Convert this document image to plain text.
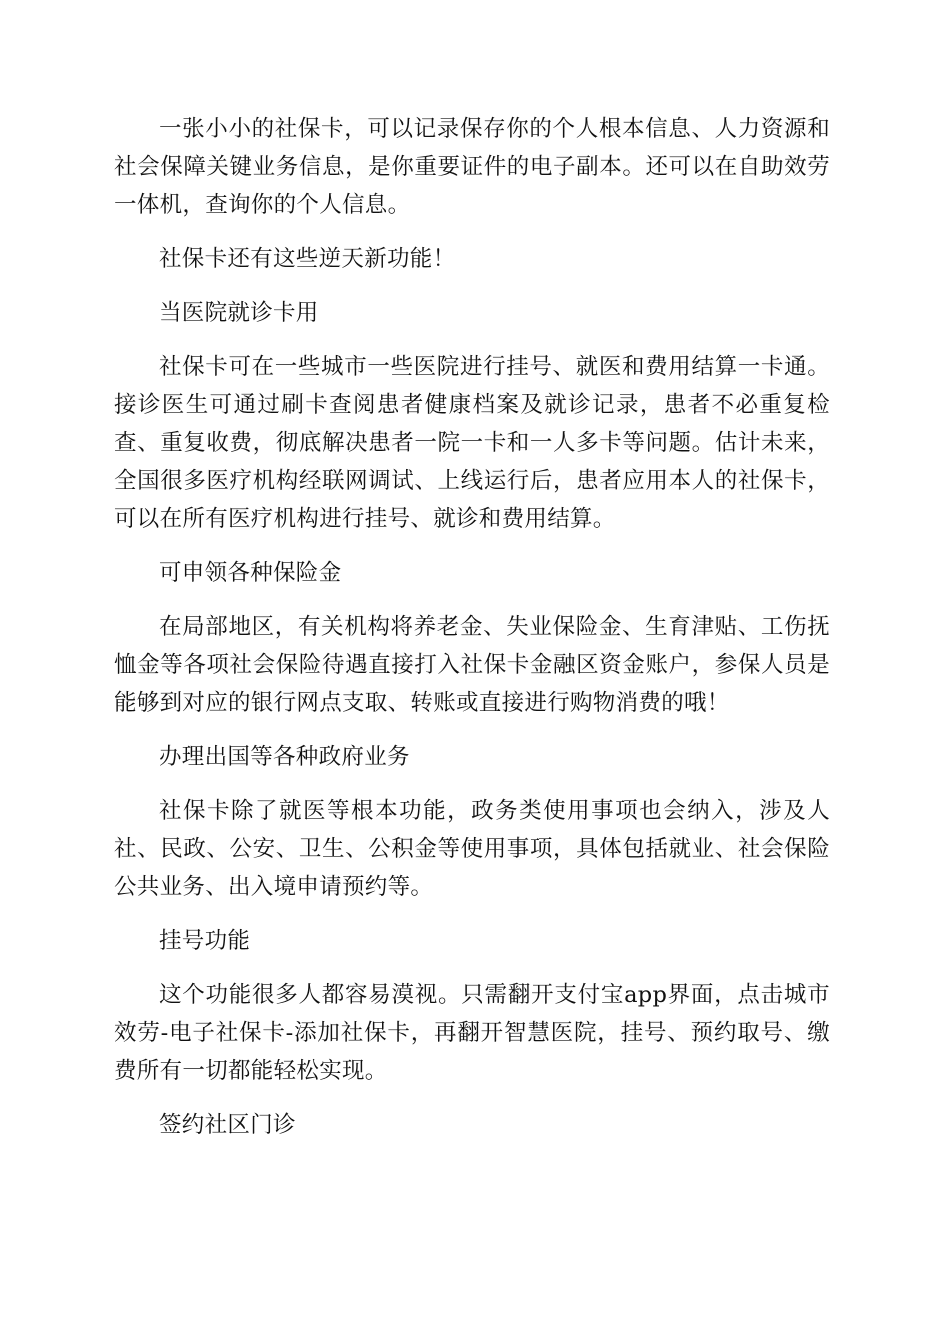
一张小小的社保卡，可以记录保存你的个人根本信息、人力资源和社会保障关键业务信息，是你重要证件的电子副本。还可以在自助效劳一体机，查询你的个人信息。

社保卡还有这些逆天新功能！

当医院就诊卡用

社保卡可在一些城市一些医院进行挂号、就医和费用结算一卡通。接诊医生可通过刷卡查阅患者健康档案及就诊记录，患者不必重复检查、重复收费，彻底解决患者一院一卡和一人多卡等问题。估计未来，全国很多医疗机构经联网调试、上线运行后，患者应用本人的社保卡，可以在所有医疗机构进行挂号、就诊和费用结算。

可申领各种保险金

在局部地区，有关机构将养老金、失业保险金、生育津贴、工伤抚恤金等各项社会保险待遇直接打入社保卡金融区资金账户，参保人员是能够到对应的银行网点支取、转账或直接进行购物消费的哦！

办理出国等各种政府业务

社保卡除了就医等根本功能，政务类使用事项也会纳入，涉及人社、民政、公安、卫生、公积金等使用事项，具体包括就业、社会保险公共业务、出入境申请预约等。

挂号功能

这个功能很多人都容易漠视。只需翻开支付宝app界面，点击城市效劳-电子社保卡-添加社保卡，再翻开智慧医院，挂号、预约取号、缴费所有一切都能轻松实现。

签约社区门诊
